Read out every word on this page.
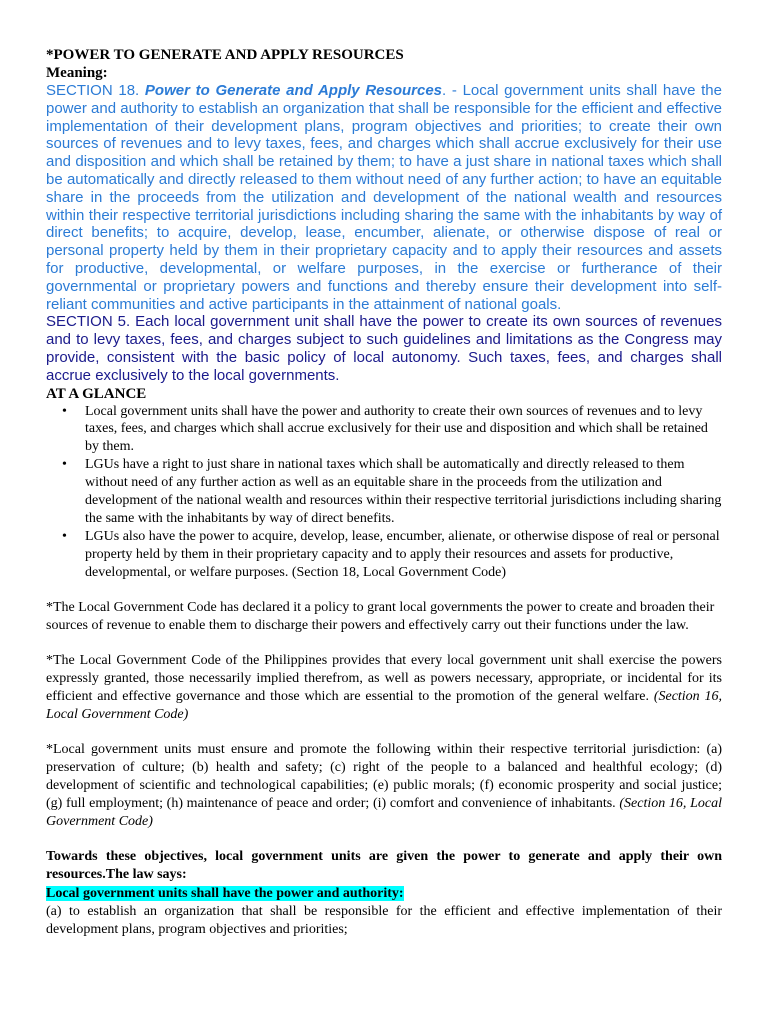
*POWER TO GENERATE AND APPLY RESOURCES

Meaning:

SECTION 18. Power to Generate and Apply Resources. - Local government units shall have the power and authority to establish an organization that shall be responsible for the efficient and effective implementation of their development plans, program objectives and priorities; to create their own sources of revenues and to levy taxes, fees, and charges which shall accrue exclusively for their use and disposition and which shall be retained by them; to have a just share in national taxes which shall be automatically and directly released to them without need of any further action; to have an equitable share in the proceeds from the utilization and development of the national wealth and resources within their respective territorial jurisdictions including sharing the same with the inhabitants by way of direct benefits; to acquire, develop, lease, encumber, alienate, or otherwise dispose of real or personal property held by them in their proprietary capacity and to apply their resources and assets for productive, developmental, or welfare purposes, in the exercise or furtherance of their governmental or proprietary powers and functions and thereby ensure their development into self-reliant communities and active participants in the attainment of national goals.

SECTION 5. Each local government unit shall have the power to create its own sources of revenues and to levy taxes, fees, and charges subject to such guidelines and limitations as the Congress may provide, consistent with the basic policy of local autonomy. Such taxes, fees, and charges shall accrue exclusively to the local governments.

AT A GLANCE

• Local government units shall have the power and authority to create their own sources of revenues and to levy taxes, fees, and charges which shall accrue exclusively for their use and disposition and which shall be retained by them.
• LGUs have a right to just share in national taxes which shall be automatically and directly released to them without need of any further action as well as an equitable share in the proceeds from the utilization and development of the national wealth and resources within their respective territorial jurisdictions including sharing the same with the inhabitants by way of direct benefits.
• LGUs also have the power to acquire, develop, lease, encumber, alienate, or otherwise dispose of real or personal property held by them in their proprietary capacity and to apply their resources and assets for productive, developmental, or welfare purposes. (Section 18, Local Government Code)

*The Local Government Code has declared it a policy to grant local governments the power to create and broaden their sources of revenue to enable them to discharge their powers and effectively carry out their functions under the law.

*The Local Government Code of the Philippines provides that every local government unit shall exercise the powers expressly granted, those necessarily implied therefrom, as well as powers necessary, appropriate, or incidental for its efficient and effective governance and those which are essential to the promotion of the general welfare. (Section 16, Local Government Code)

*Local government units must ensure and promote the following within their respective territorial jurisdiction: (a) preservation of culture; (b) health and safety; (c) right of the people to a balanced and healthful ecology; (d) development of scientific and technological capabilities; (e) public morals; (f) economic prosperity and social justice; (g) full employment; (h) maintenance of peace and order; (i) comfort and convenience of inhabitants. (Section 16, Local Government Code)

Towards these objectives, local government units are given the power to generate and apply their own resources.The law says:

Local government units shall have the power and authority:

(a) to establish an organization that shall be responsible for the efficient and effective implementation of their development plans, program objectives and priorities;
